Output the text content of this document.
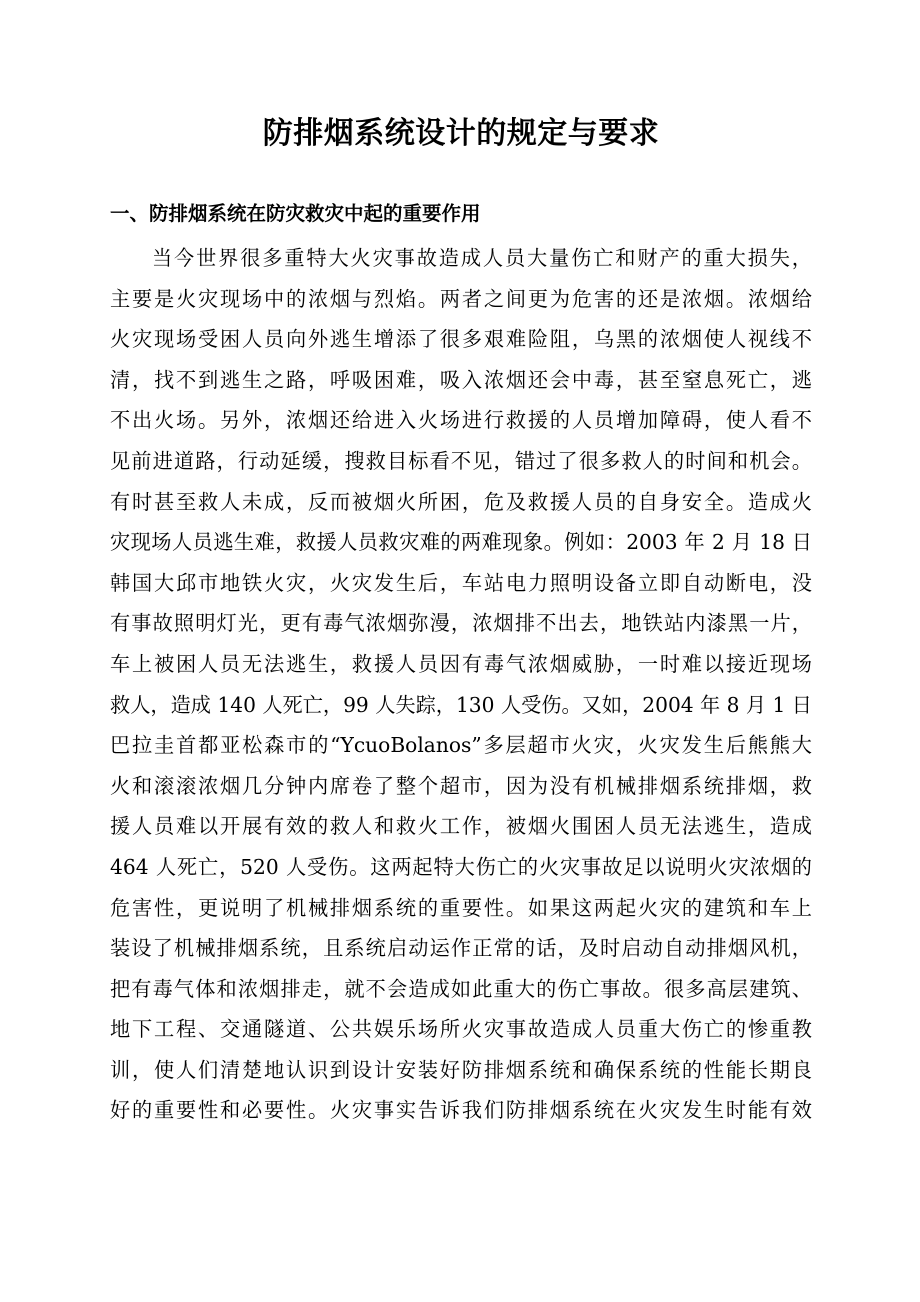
防排烟系统设计的规定与要求
一、防排烟系统在防灾救灾中起的重要作用
当今世界很多重特大火灾事故造成人员大量伤亡和财产的重大损失，
主要是火灾现场中的浓烟与烈焰。两者之间更为危害的还是浓烟。浓烟给
火灾现场受困人员向外逃生增添了很多艰难险阻，乌黑的浓烟使人视线不
清，找不到逃生之路，呼吸困难，吸入浓烟还会中毒，甚至窒息死亡，逃
不出火场。另外，浓烟还给进入火场进行救援的人员增加障碍，使人看不
见前进道路，行动延缓，搜救目标看不见，错过了很多救人的时间和机会。
有时甚至救人未成，反而被烟火所困，危及救援人员的自身安全。造成火
灾现场人员逃生难，救援人员救灾难的两难现象。例如：2003 年 2 月 18 日
韩国大邱市地铁火灾，火灾发生后，车站电力照明设备立即自动断电，没
有事故照明灯光，更有毒气浓烟弥漫，浓烟排不出去，地铁站内漆黑一片，
车上被困人员无法逃生，救援人员因有毒气浓烟威胁，一时难以接近现场
救人，造成 140 人死亡，99 人失踪，130 人受伤。又如，2004 年 8 月 1 日
巴拉圭首都亚松森市的“YcuoBolanos”多层超市火灾，火灾发生后熊熊大
火和滚滚浓烟几分钟内席卷了整个超市，因为没有机械排烟系统排烟，救
援人员难以开展有效的救人和救火工作，被烟火围困人员无法逃生，造成
464 人死亡，520 人受伤。这两起特大伤亡的火灾事故足以说明火灾浓烟的
危害性，更说明了机械排烟系统的重要性。如果这两起火灾的建筑和车上
装设了机械排烟系统，且系统启动运作正常的话，及时启动自动排烟风机，
把有毒气体和浓烟排走，就不会造成如此重大的伤亡事故。很多高层建筑、
地下工程、交通隧道、公共娱乐场所火灾事故造成人员重大伤亡的惨重教
训，使人们清楚地认识到设计安装好防排烟系统和确保系统的性能长期良
好的重要性和必要性。火灾事实告诉我们防排烟系统在火灾发生时能有效
